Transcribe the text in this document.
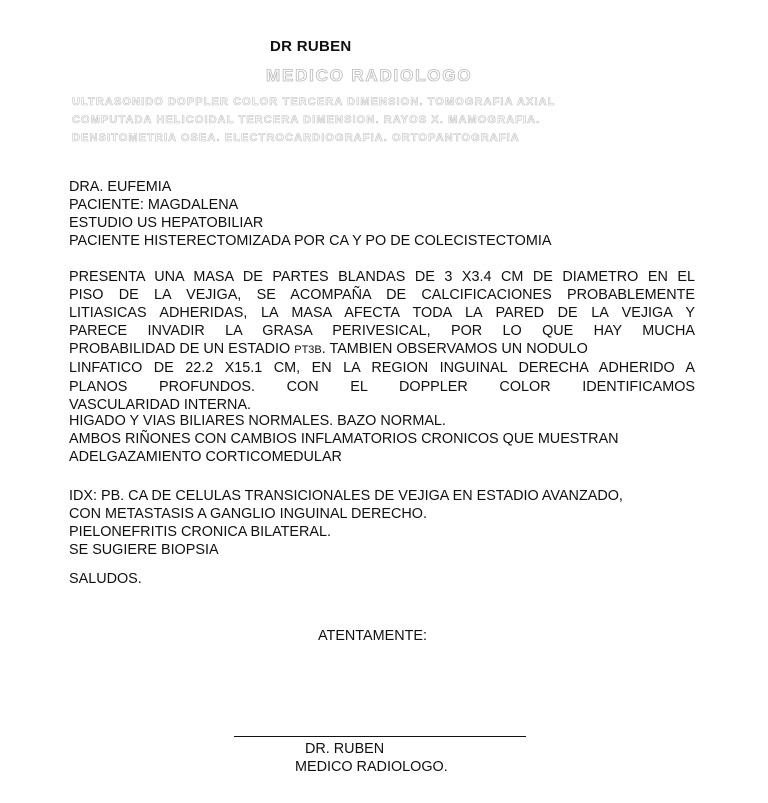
DR RUBEN
MEDICO RADIOLOGO
ULTRASONIDO DOPPLER COLOR TERCERA DIMENSION. TOMOGRAFIA AXIAL
COMPUTADA HELICOIDAL TERCERA DIMENSION. RAYOS X. MAMOGRAFIA.
DENSITOMETRIA OSEA. ELECTROCARDIOGRAFIA. ORTOPANTOGRAFIA
DRA. EUFEMIA
PACIENTE: MAGDALENA
ESTUDIO US HEPATOBILIAR
PACIENTE HISTERECTOMIZADA POR CA Y PO DE COLECISTECTOMIA
PRESENTA UNA MASA DE PARTES BLANDAS DE 3 X3.4 CM DE DIAMETRO EN EL
PISO DE LA VEJIGA, SE ACOMPAÑA DE CALCIFICACIONES PROBABLEMENTE
LITIASICAS ADHERIDAS, LA MASA AFECTA TODA LA PARED DE LA VEJIGA Y
PARECE INVADIR LA GRASA PERIVESICAL, POR LO QUE HAY MUCHA
PROBABILIDAD DE UN ESTADIO PT3B. TAMBIEN OBSERVAMOS UN NODULO
LINFATICO DE 22.2 X15.1 CM, EN LA REGION INGUINAL DERECHA ADHERIDO A
PLANOS PROFUNDOS. CON EL DOPPLER COLOR IDENTIFICAMOS
VASCULARIDAD INTERNA.
HIGADO Y VIAS BILIARES NORMALES. BAZO NORMAL.
AMBOS RIÑONES CON CAMBIOS INFLAMATORIOS CRONICOS QUE MUESTRAN
ADELGAZAMIENTO CORTICOMEDULAR
IDX: PB. CA DE CELULAS TRANSICIONALES DE VEJIGA EN ESTADIO AVANZADO,
CON METASTASIS A GANGLIO INGUINAL DERECHO.
PIELONEFRITIS CRONICA BILATERAL.
SE SUGIERE BIOPSIA
SALUDOS.
ATENTAMENTE:
DR. RUBEN
MEDICO RADIOLOGO.
